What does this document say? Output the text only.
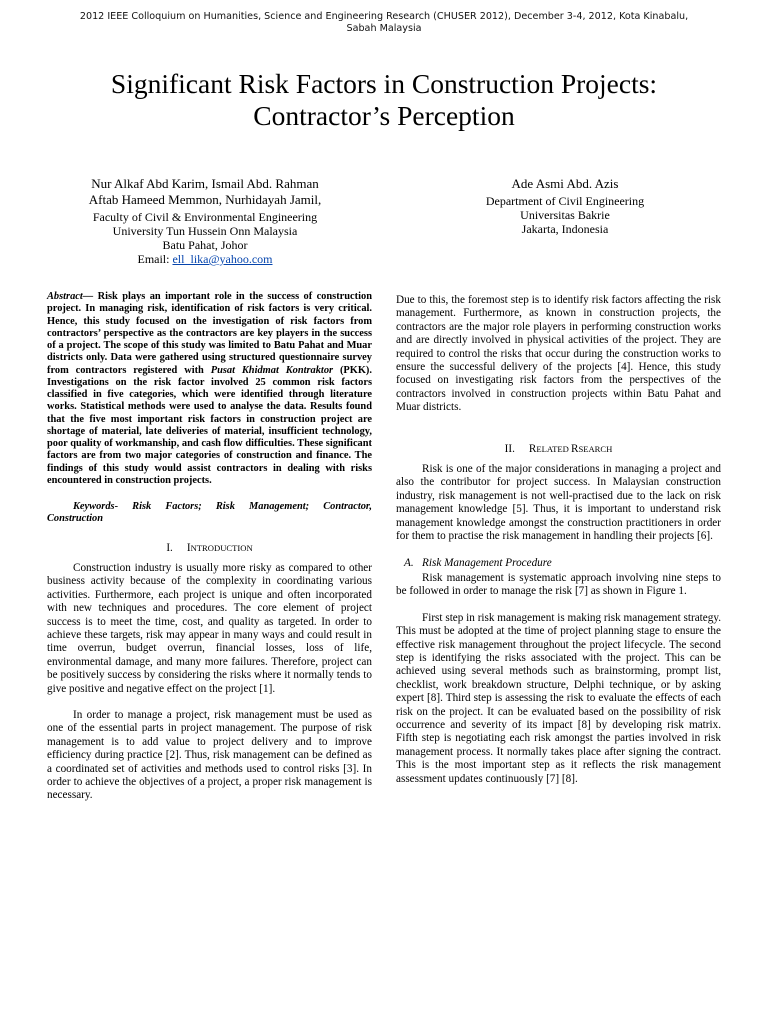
2012 IEEE Colloquium on Humanities, Science and Engineering Research (CHUSER 2012), December 3-4, 2012, Kota Kinabalu,
Sabah Malaysia
Significant Risk Factors in Construction Projects:
Contractor’s Perception
Nur Alkaf Abd Karim, Ismail Abd. Rahman
Aftab Hameed Memmon, Nurhidayah Jamil,
Faculty of Civil & Environmental Engineering
University Tun Hussein Onn Malaysia
Batu Pahat, Johor
Email: ell_lika@yahoo.com
Ade Asmi Abd. Azis
Department of Civil Engineering
Universitas Bakrie
Jakarta, Indonesia

Abstract— Risk plays an important role in the success of construction project. In managing risk, identification of risk factors is very critical. Hence, this study focused on the investigation of risk factors from contractors’ perspective as the contractors are key players in the success of a project. The scope of this study was limited to Batu Pahat and Muar districts only. Data were gathered using structured questionnaire survey from contractors registered with Pusat Khidmat Kontraktor (PKK). Investigations on the risk factor involved 25 common risk factors classified in five categories, which were identified through literature works. Statistical methods were used to analyse the data. Results found that the five most important risk factors in construction project are shortage of material, late deliveries of material, insufficient technology, poor quality of workmanship, and cash flow difficulties. These significant factors are from two major categories of construction and finance. The findings of this study would assist contractors in dealing with risks encountered in construction projects.

Keywords- Risk Factors; Risk Management; Contractor, Construction

I. INTRODUCTION

Construction industry is usually more risky as compared to other business activity because of the complexity in coordinating various activities. Furthermore, each project is unique and often incorporated with new techniques and procedures. The core element of project success is to meet the time, cost, and quality as targeted. In order to achieve these targets, risk may appear in many ways and could result in time overrun, budget overrun, financial losses, loss of life, environmental damage, and many more failures. Therefore, project can be positively success by considering the risks where it normally tends to give positive and negative effect on the project [1].

In order to manage a project, risk management must be used as one of the essential parts in project management. The purpose of risk management is to add value to project delivery and to improve efficiency during practice [2]. Thus, risk management can be defined as a coordinated set of activities and methods used to control risks [3]. In order to achieve the objectives of a project, a proper risk management is necessary.

Due to this, the foremost step is to identify risk factors affecting the risk management. Furthermore, as known in construction projects, the contractors are the major role players in performing construction works and are directly involved in physical activities of the project. They are required to control the risks that occur during the construction works to ensure the successful delivery of the projects [4]. Hence, this study focused on investigating risk factors from the perspectives of the contractors involved in construction projects within Batu Pahat and Muar districts.

II. RELATED RSEARCH

Risk is one of the major considerations in managing a project and also the contributor for project success. In Malaysian construction industry, risk management is not well-practised due to the lack on risk management knowledge [5]. Thus, it is important to understand risk management knowledge amongst the construction practitioners in order for them to practise the risk management in handling their projects [6].

A. Risk Management Procedure

Risk management is systematic approach involving nine steps to be followed in order to manage the risk [7] as shown in Figure 1.

First step in risk management is making risk management strategy. This must be adopted at the time of project planning stage to ensure the effective risk management throughout the project lifecycle. The second step is identifying the risks associated with the project. This can be achieved using several methods such as brainstorming, prompt list, checklist, work breakdown structure, Delphi technique, or by asking expert [8]. Third step is assessing the risk to evaluate the effects of each risk on the project. It can be evaluated based on the possibility of risk occurrence and severity of its impact [8] by developing risk matrix. Fifth step is negotiating each risk amongst the parties involved in risk management process. It normally takes place after signing the contract. This is the most important step as it reflects the risk management assessment updates continuously [7] [8].
